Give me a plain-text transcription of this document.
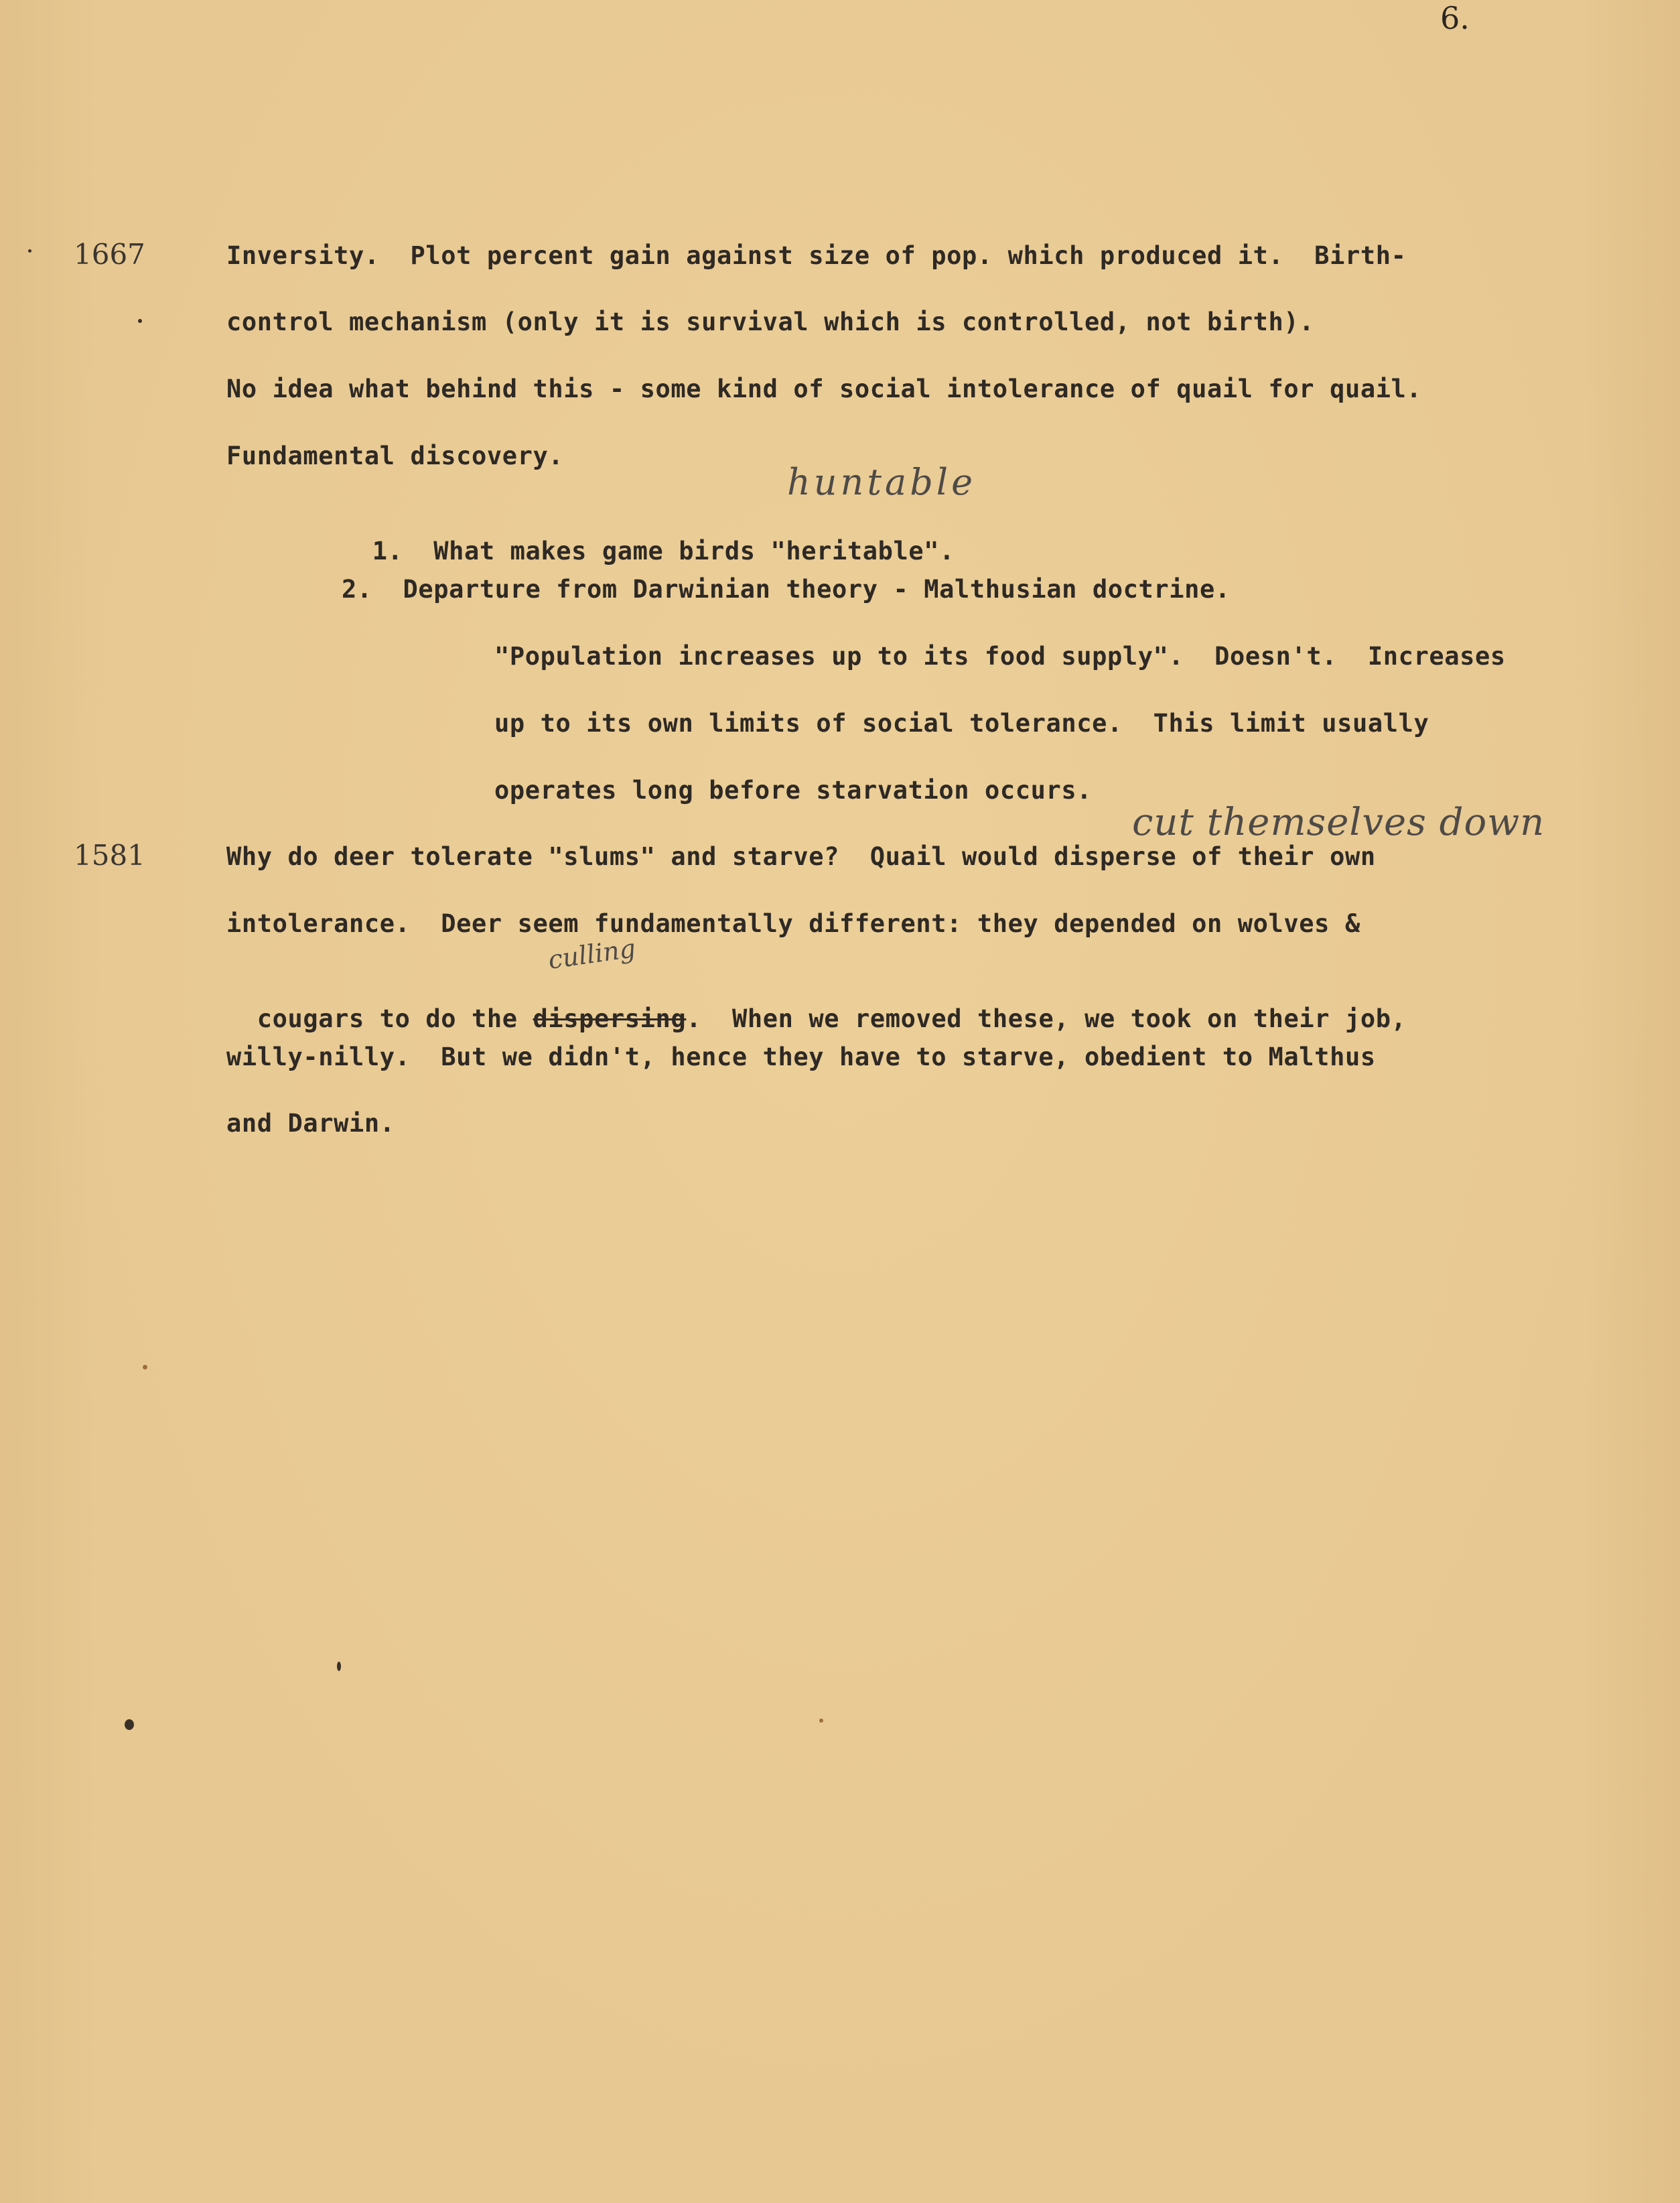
6.
1667
1581
Inversity.  Plot percent gain against size of pop. which produced it.  Birth-
control mechanism (only it is survival which is controlled, not birth).
No idea what behind this - some kind of social intolerance of quail for quail.
Fundamental discovery.
huntable

1.  What makes game birds "heritable".

2.  Departure from Darwinian theory - Malthusian doctrine.
"Population increases up to its food supply".  Doesn't.  Increases
up to its own limits of social tolerance.  This limit usually
operates long before starvation occurs.
cut themselves down
Why do deer tolerate "slums" and starve?  Quail would disperse of their own
intolerance.  Deer seem fundamentally different: they depended on wolves &
culling

cougars to do the dispersing.  When we removed these, we took on their job,

willy-nilly.  But we didn't, hence they have to starve, obedient to Malthus
and Darwin.
